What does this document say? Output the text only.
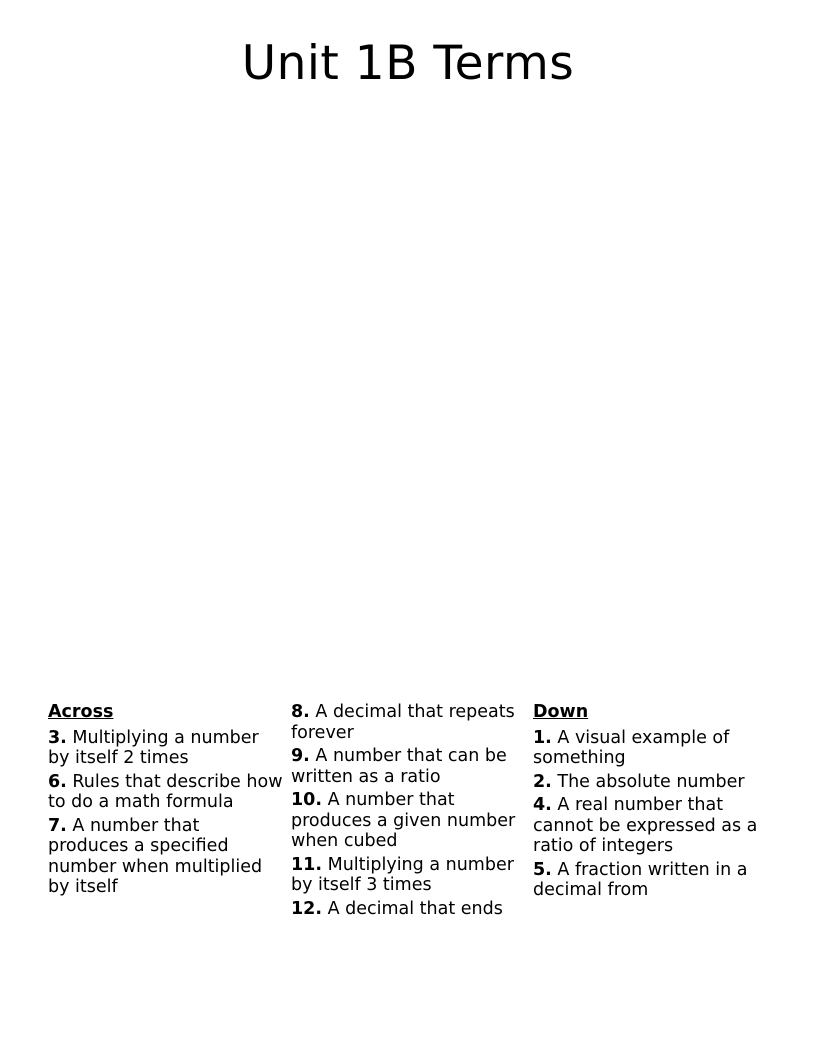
Unit 1B Terms
Across
3. Multiplying a number by itself 2 times
6. Rules that describe how to do a math formula
7. A number that produces a specified number when multiplied by itself
8. A decimal that repeats forever
9. A number that can be written as a ratio
10. A number that produces a given number when cubed
11. Multiplying a number by itself 3 times
12. A decimal that ends
Down
1. A visual example of something
2. The absolute number
4. A real number that cannot be expressed as a ratio of integers
5. A fraction written in a decimal from
